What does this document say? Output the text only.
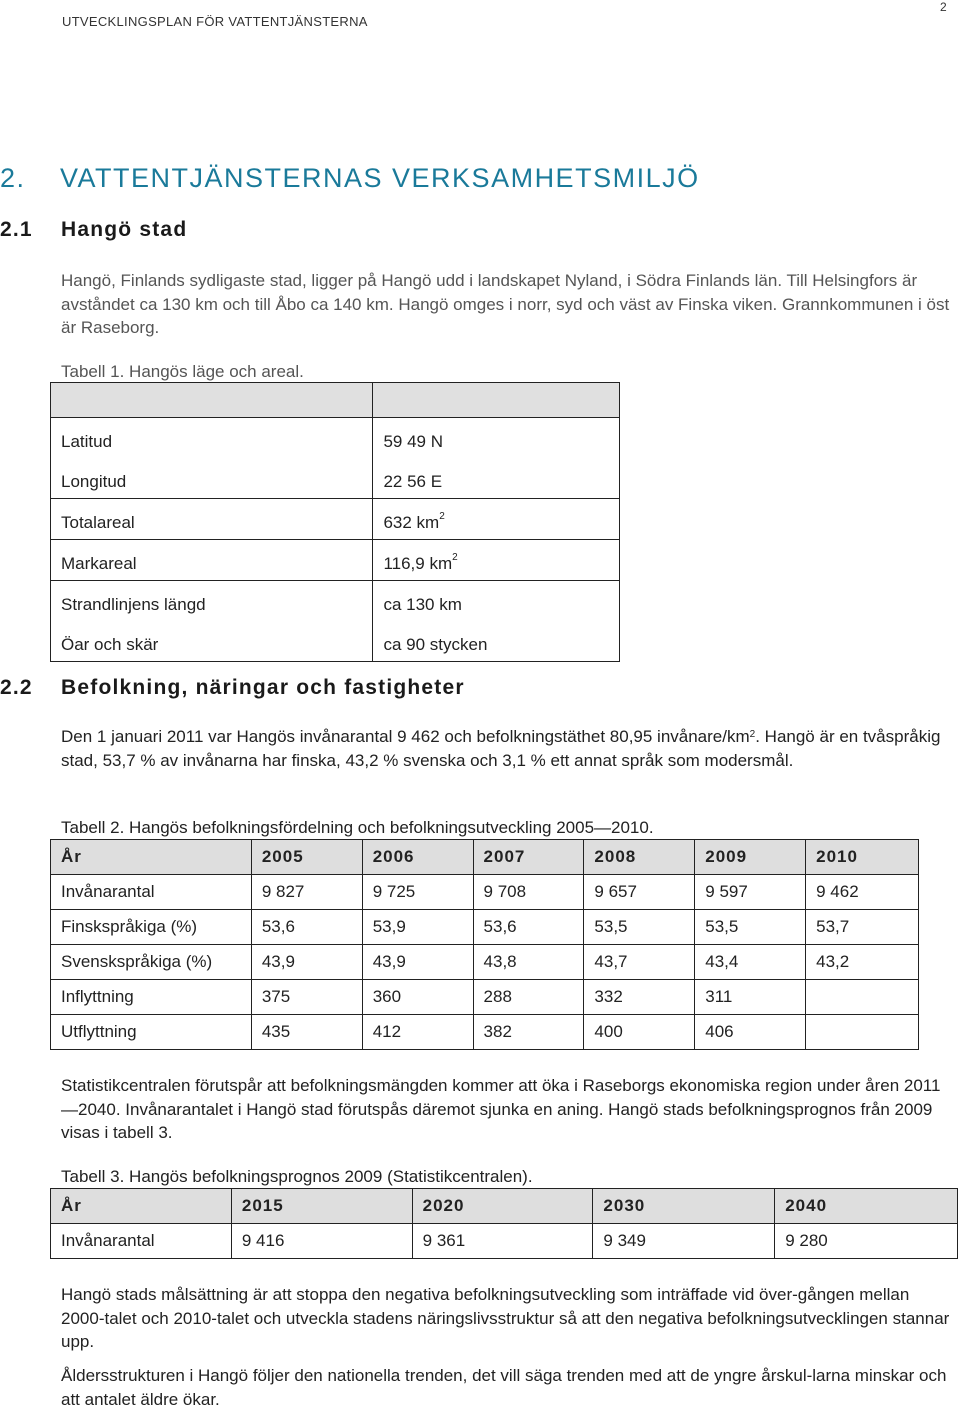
UTVECKLINGSPLAN FÖR VATTENTJÄNSTERNA
2
2. VATTENTJÄNSTERNAS VERKSAMHETSMILJÖ
2.1 Hangö stad
Hangö, Finlands sydligaste stad, ligger på Hangö udd i landskapet Nyland, i Södra Finlands län. Till Helsingfors är avståndet ca 130 km och till Åbo ca 140 km. Hangö omges i norr, syd och väst av Finska viken. Grannkommunen i öst är Raseborg.
Tabell 1. Hangös läge och areal.

Latitud	59 49 N
Longitud	22 56 E
Totalareal	632 $km^2$
Markareal	116,9 $km^2$
Strandlinjens längd	ca 130 km
Öar och skär	ca 90 stycken
2.2 Befolkning, näringar och fastigheter
Den 1 januari 2011 var Hangös invånarantal 9 462 och befolkningstäthet 80,95 invånare/$km^2$. Hangö är en tvåspråkig stad, 53,7 % av invånarna har finska, 43,2 % svenska och 3,1 % ett annat språk som modersmål.
Tabell 2. Hangös befolkningsfördelning och befolkningsutveckling 2005—2010.
År	2005	2006	2007	2008	2009	2010
Invånarantal	9 827	9 725	9 708	9 657	9 597	9 462
Finskspråkiga (%)	53,6	53,9	53,6	53,5	53,5	53,7
Svenskspråkiga (%)	43,9	43,9	43,8	43,7	43,4	43,2
Inflyttning	375	360	288	332	311	
Utflyttning	435	412	382	400	406	
Statistikcentralen förutspår att befolkningsmängden kommer att öka i Raseborgs ekonomiska region under åren 2011—2040. Invånarantalet i Hangö stad förutspås däremot sjunka en aning. Hangö stads befolkningsprognos från 2009 visas i tabell 3.
Tabell 3. Hangös befolkningsprognos 2009 (Statistikcentralen).
År	2015	2020	2030	2040
Invånarantal	9 416	9 361	9 349	9 280
Hangö stads målsättning är att stoppa den negativa befolkningsutveckling som inträffade vid över-gången mellan 2000-talet och 2010-talet och utveckla stadens näringslivsstruktur så att den negativa befolkningsutvecklingen stannar upp.
Åldersstrukturen i Hangö följer den nationella trenden, det vill säga trenden med att de yngre årskul-larna minskar och att antalet äldre ökar.
